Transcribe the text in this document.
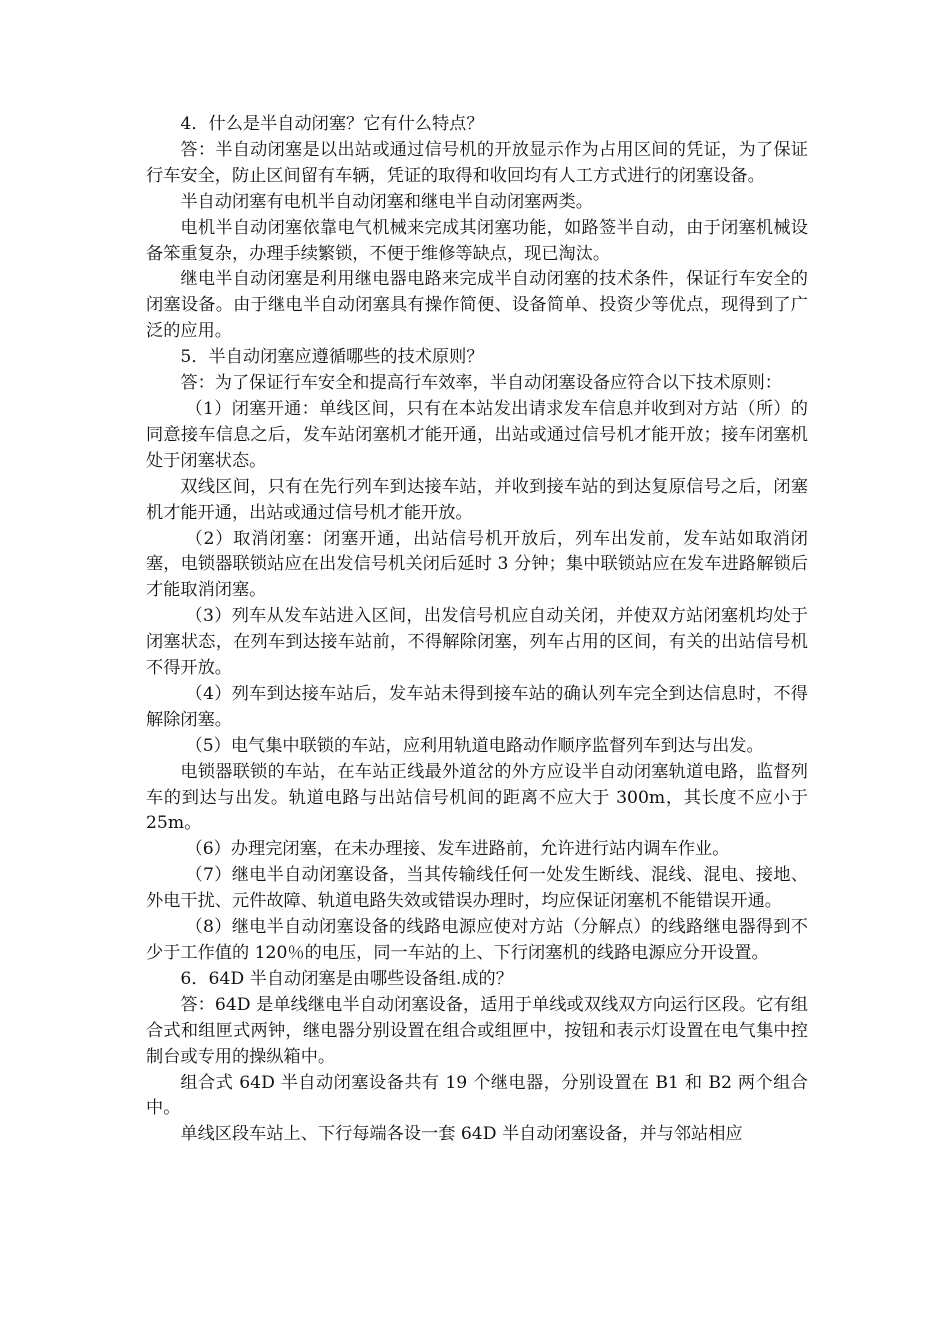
4．什么是半自动闭塞？它有什么特点？

答：半自动闭塞是以出站或通过信号机的开放显示作为占用区间的凭证，为了保证行车安全，防止区间留有车辆，凭证的取得和收回均有人工方式进行的闭塞设备。

半自动闭塞有电机半自动闭塞和继电半自动闭塞两类。

电机半自动闭塞依靠电气机械来完成其闭塞功能，如路签半自动，由于闭塞机械设备笨重复杂，办理手续繁锁，不便于维修等缺点，现已淘汰。

继电半自动闭塞是利用继电器电路来完成半自动闭塞的技术条件，保证行车安全的闭塞设备。由于继电半自动闭塞具有操作简便、设备简单、投资少等优点，现得到了广泛的应用。

5．半自动闭塞应遵循哪些的技术原则？

答：为了保证行车安全和提高行车效率，半自动闭塞设备应符合以下技术原则：

（1）闭塞开通：单线区间，只有在本站发出请求发车信息并收到对方站（所）的同意接车信息之后，发车站闭塞机才能开通，出站或通过信号机才能开放；接车闭塞机处于闭塞状态。

双线区间，只有在先行列车到达接车站，并收到接车站的到达复原信号之后，闭塞机才能开通，出站或通过信号机才能开放。

（2）取消闭塞：闭塞开通，出站信号机开放后，列车出发前，发车站如取消闭塞，电锁器联锁站应在出发信号机关闭后延时 3 分钟；集中联锁站应在发车进路解锁后才能取消闭塞。

（3）列车从发车站进入区间，出发信号机应自动关闭，并使双方站闭塞机均处于闭塞状态，在列车到达接车站前，不得解除闭塞，列车占用的区间，有关的出站信号机不得开放。

（4）列车到达接车站后，发车站未得到接车站的确认列车完全到达信息时，不得解除闭塞。

（5）电气集中联锁的车站，应利用轨道电路动作顺序监督列车到达与出发。

电锁器联锁的车站，在车站正线最外道岔的外方应设半自动闭塞轨道电路，监督列车的到达与出发。轨道电路与出站信号机间的距离不应大于 300m，其长度不应小于 25m。

（6）办理完闭塞，在未办理接、发车进路前，允许进行站内调车作业。

（7）继电半自动闭塞设备，当其传输线任何一处发生断线、混线、混电、接地、外电干扰、元件故障、轨道电路失效或错误办理时，均应保证闭塞机不能错误开通。

（8）继电半自动闭塞设备的线路电源应使对方站（分解点）的线路继电器得到不少于工作值的 120％的电压，同一车站的上、下行闭塞机的线路电源应分开设置。

6．64D 半自动闭塞是由哪些设备组.成的？

答：64D 是单线继电半自动闭塞设备，适用于单线或双线双方向运行区段。它有组合式和组匣式两钟，继电器分别设置在组合或组匣中，按钮和表示灯设置在电气集中控制台或专用的操纵箱中。

组合式 64D 半自动闭塞设备共有 19 个继电器，分别设置在 B1 和 B2 两个组合中。

单线区段车站上、下行每端各设一套 64D 半自动闭塞设备，并与邻站相应
